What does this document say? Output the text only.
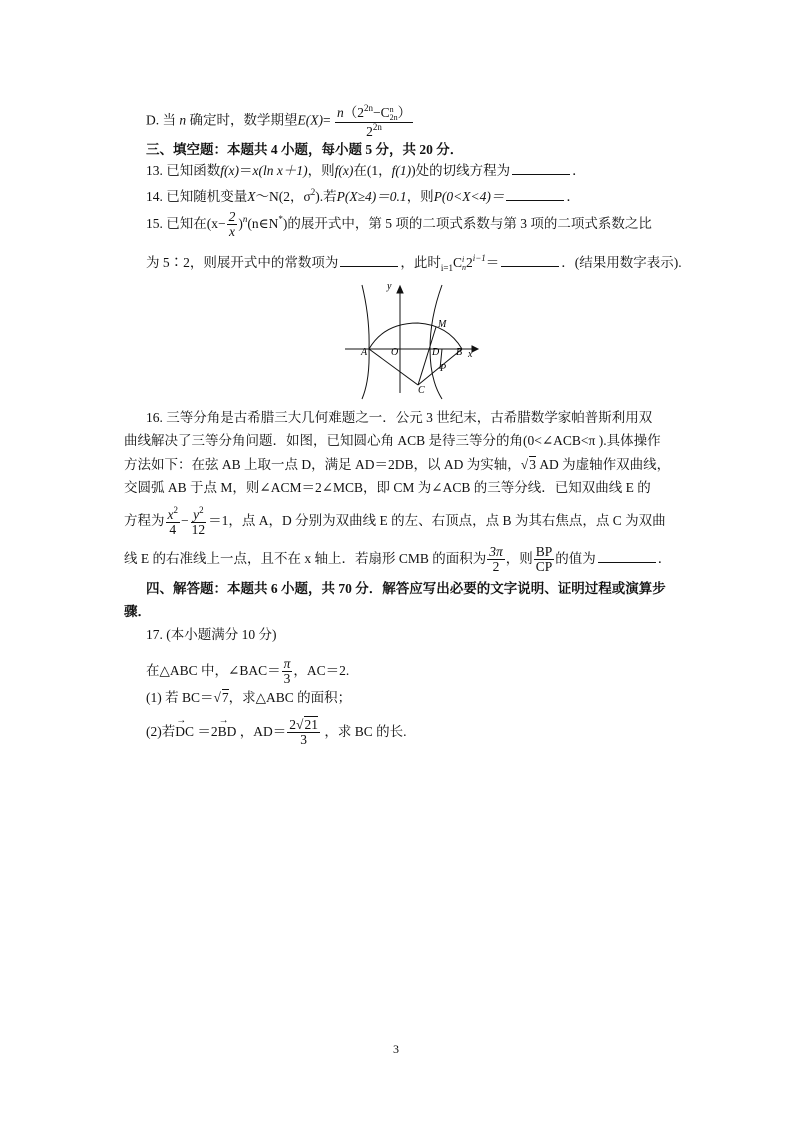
D. 当 n 确定时，数学期望$E(X)= n(2^{2n}-C$ n
2n ）
$2^{2n}$
三、填空题：本题共 4 小题，每小题 5 分，共 20 分．
13. 已知函数f(x)＝x(ln x＋1)，则f(x)在(1，f(1))处的切线方程为	．
14. 已知随机变量X～N(2，$\sigma^2$).若P(X≥4)＝0.1，则P(0<X<4)＝	．
15. 已知在($x- \frac{2}{x}$ )$^n(n\in N^*)$的展开式中，第 5 项的二项式系数与第 3 项的二项式系数之比
为 5∶2，则展开式中的常数项为	，此时$_{i=1}$C i
n $2^{i-1}=$	．(结果用数字表示).
y
x
A O	D B
M
P
C
16. 三等分角是古希腊三大几何难题之一．公元 3 世纪末，古希腊数学家帕普斯利用双
曲线解决了三等分角问题．如图，已知圆心角 ACB 是待三等分的角(0<∠ACB<π ).具体操作
方法如下：在弦 AB 上取一点 D，满足 AD＝2DB，以 AD 为实轴，√3 AD 为虚轴作双曲线，
交圆弧 AB 于点 M，则∠ACM＝2∠MCB，即 CM 为∠ACB 的三等分线．已知双曲线 E 的
方程为 $\frac{x^2}{4} - \frac{y^2}{12} =1$，点 A，D 分别为双曲线 E 的左、右顶点，点 B 为其右焦点，点 C 为双曲
线 E 的右准线上一点，且不在 x 轴上．若扇形 CMB 的面积为 $\frac{3\pi}{2}$ ，则 $\frac{BP}{CP}$ 的值为	．
四、解答题：本题共 6 小题，共 70 分．解答应写出必要的文字说明、证明过程或演算步
骤．
17. (本小题满分 10 分)
在△ABC 中，∠BAC＝ $\frac{\pi}{3}$ ，AC＝2.
(1) 若 BC＝√7，求△ABC 的面积；
(2)若→ DC ＝2→ BD ，$AD= \frac{2√21}{3}$ ，求 BC 的长.
3
